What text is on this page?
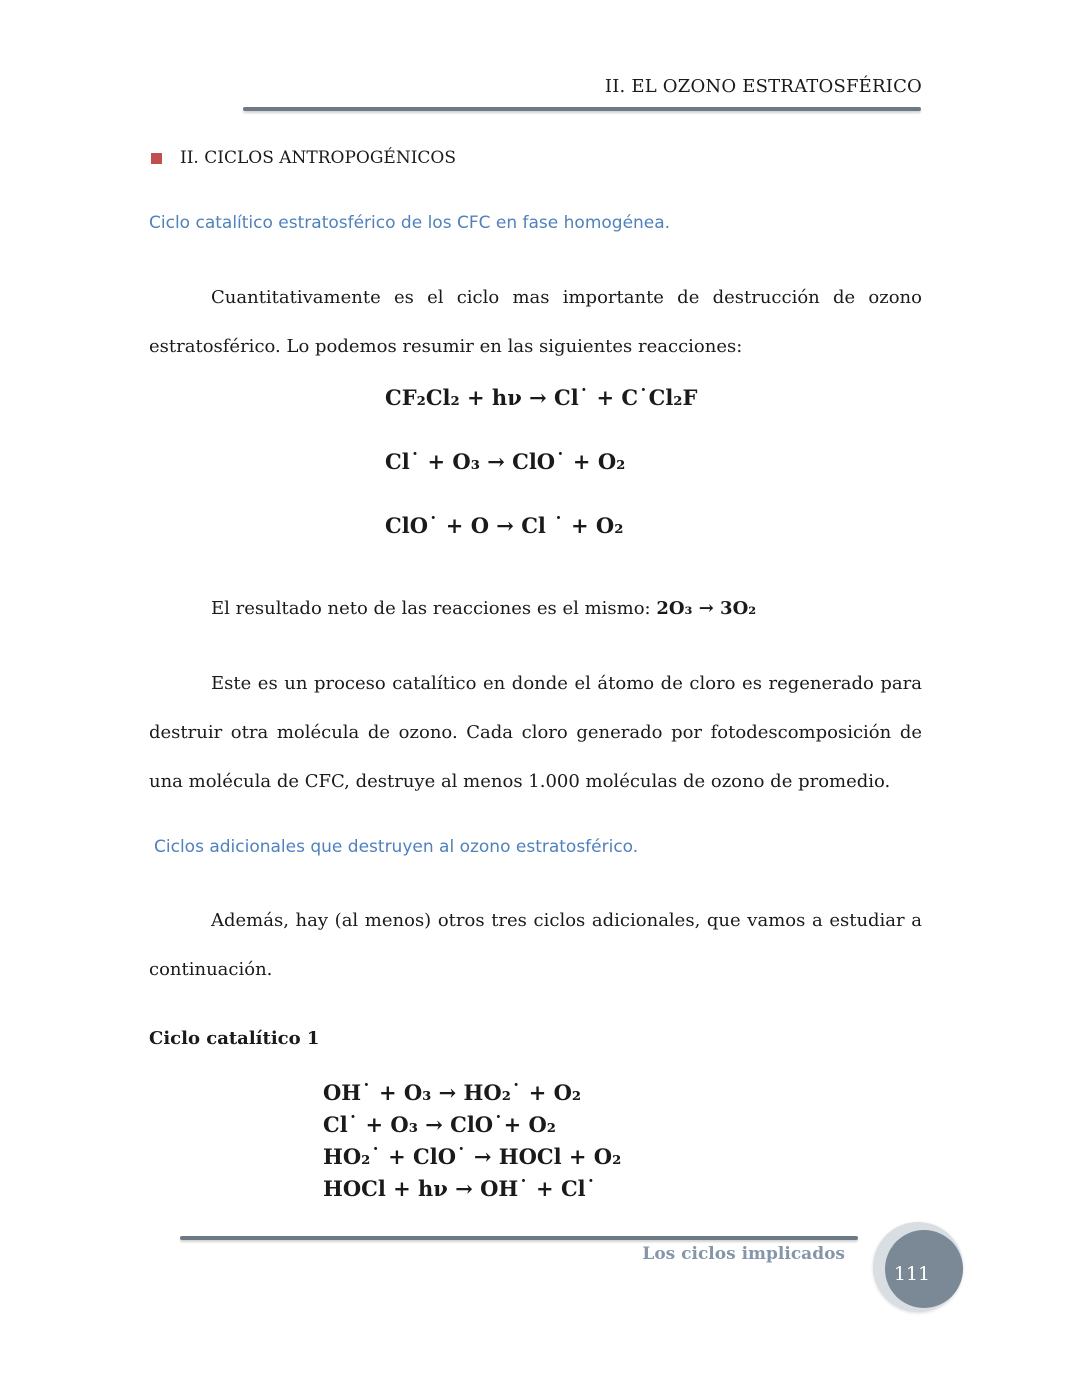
II. EL OZONO ESTRATOSFÉRICO
II. CICLOS ANTROPOGÉNICOS
Ciclo catalítico estratosférico de los CFC en fase homogénea.
Cuantitativamente es el ciclo mas importante de destrucción de ozono estratosférico. Lo podemos resumir en las siguientes reacciones:
CF₂Cl₂ + hν → Cl˙ + C˙Cl₂F
Cl˙ + O₃ → ClO˙ + O₂
ClO˙ + O → Cl ˙ + O₂
El resultado neto de las reacciones es el mismo: 2O₃ → 3O₂
Este es un proceso catalítico en donde el átomo de cloro es regenerado para destruir otra molécula de ozono. Cada cloro generado por fotodescomposición de una molécula de CFC, destruye al menos 1.000 moléculas de ozono de promedio.
Ciclos adicionales que destruyen al ozono estratosférico.
Además, hay (al menos) otros tres ciclos adicionales, que vamos a estudiar a continuación.
Ciclo catalítico 1
OH˙ + O₃ → HO₂˙ + O₂
Cl˙ + O₃ → ClO˙+ O₂
HO₂˙ + ClO˙ → HOCl + O₂
HOCl + hν → OH˙ + Cl˙
Los ciclos implicados
111
